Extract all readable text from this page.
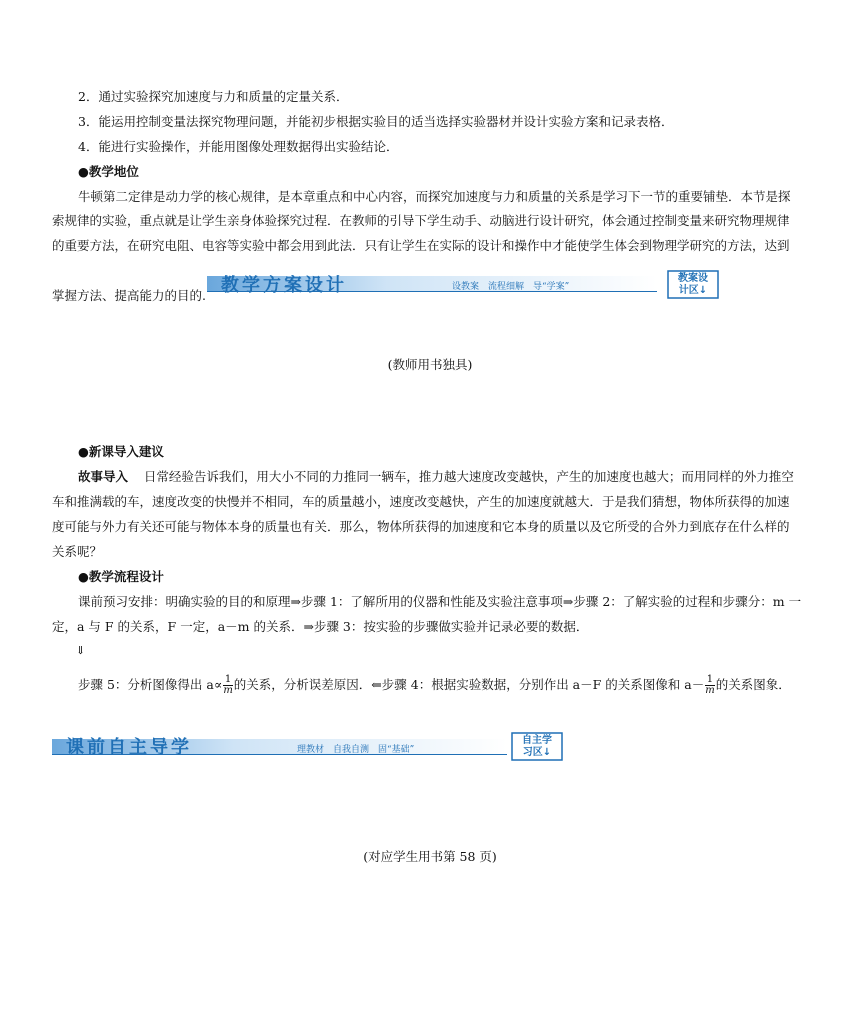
2．通过实验探究加速度与力和质量的定量关系．
3．能运用控制变量法探究物理问题，并能初步根据实验目的适当选择实验器材并设计实验方案和记录表格．
4．能进行实验操作，并能用图像处理数据得出实验结论．
●教学地位
牛顿第二定律是动力学的核心规律，是本章重点和中心内容，而探究加速度与力和质量的关系是学习下一节的重要铺垫．本节是探
索规律的实验，重点就是让学生亲身体验探究过程．在教师的引导下学生动手、动脑进行设计研究，体会通过控制变量来研究物理规律
的重要方法，在研究电阻、电容等实验中都会用到此法．只有让学生在实际的设计和操作中才能使学生体会到物理学研究的方法，达到
掌握方法、提高能力的目的. 教学方案设计	设教案　流程细解　导“学案”
教案设
计区↓
(教师用书独具)
●新课导入建议
故事导入 日常经验告诉我们，用大小不同的力推同一辆车，推力越大速度改变越快，产生的加速度也越大；而用同样的外力推空
车和推满载的车，速度改变的快慢并不相同，车的质量越小，速度改变越快，产生的加速度就越大．于是我们猜想，物体所获得的加速
度可能与外力有关还可能与物体本身的质量也有关．那么，物体所获得的加速度和它本身的质量以及它所受的合外力到底存在什么样的
关系呢？
●教学流程设计
课前预习安排：明确实验的目的和原理⇒步骤 1：了解所用的仪器和性能及实验注意事项⇒步骤 2：了解实验的过程和步骤分：m 一
定，a 与 F 的关系，F 一定，a－m 的关系．⇒步骤 3：按实验的步骤做实验并记录必要的数据．
⇓
步骤 5：分析图像得出 $a\propto \frac{1}{m}$ 的关系，分析误差原因．⇐步骤 4：根据实验数据，分别作出 a－F 的关系图像和 $a- \frac{1}{m}$ 的关系图象．
课前自主导学	理教材　自我自测　固“基础”
自主学
习区↓
(对应学生用书第 58 页)
